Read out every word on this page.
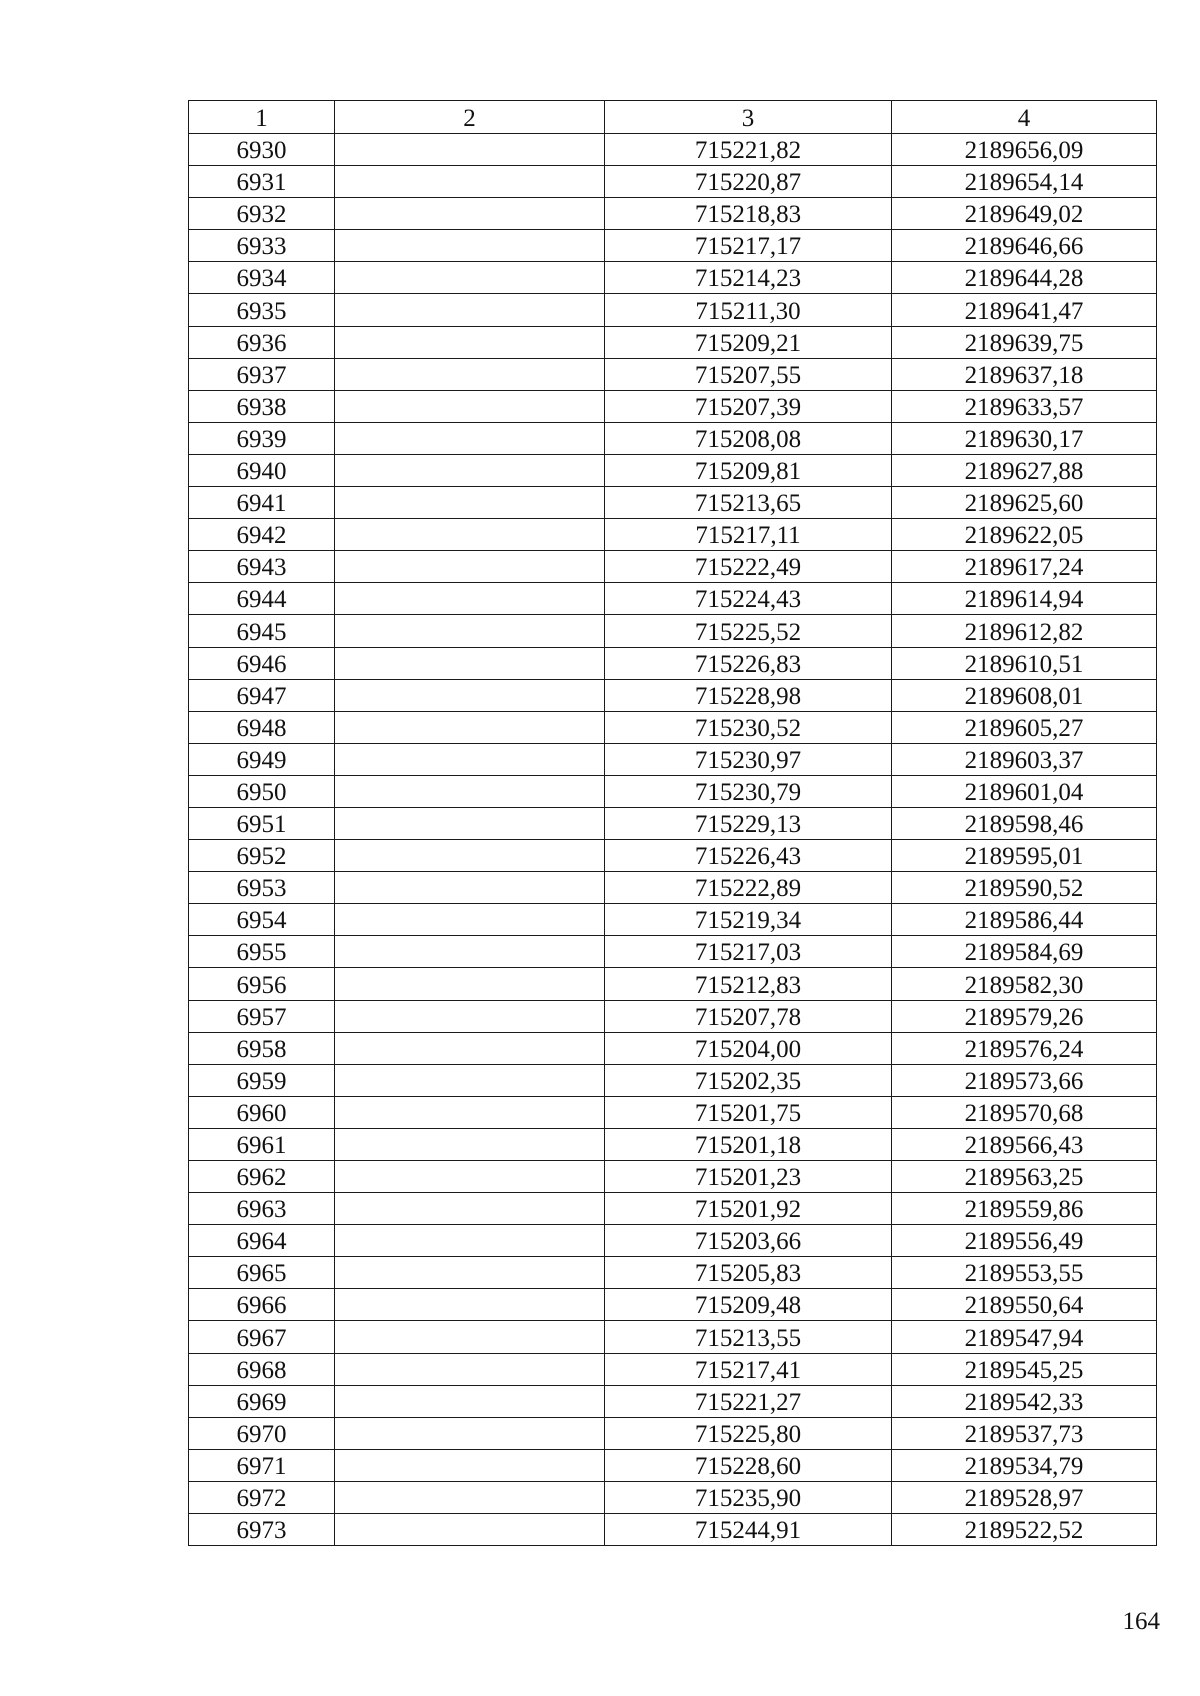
1	2	3	4
6930		715221,82	2189656,09
6931		715220,87	2189654,14
6932		715218,83	2189649,02
6933		715217,17	2189646,66
6934		715214,23	2189644,28
6935		715211,30	2189641,47
6936		715209,21	2189639,75
6937		715207,55	2189637,18
6938		715207,39	2189633,57
6939		715208,08	2189630,17
6940		715209,81	2189627,88
6941		715213,65	2189625,60
6942		715217,11	2189622,05
6943		715222,49	2189617,24
6944		715224,43	2189614,94
6945		715225,52	2189612,82
6946		715226,83	2189610,51
6947		715228,98	2189608,01
6948		715230,52	2189605,27
6949		715230,97	2189603,37
6950		715230,79	2189601,04
6951		715229,13	2189598,46
6952		715226,43	2189595,01
6953		715222,89	2189590,52
6954		715219,34	2189586,44
6955		715217,03	2189584,69
6956		715212,83	2189582,30
6957		715207,78	2189579,26
6958		715204,00	2189576,24
6959		715202,35	2189573,66
6960		715201,75	2189570,68
6961		715201,18	2189566,43
6962		715201,23	2189563,25
6963		715201,92	2189559,86
6964		715203,66	2189556,49
6965		715205,83	2189553,55
6966		715209,48	2189550,64
6967		715213,55	2189547,94
6968		715217,41	2189545,25
6969		715221,27	2189542,33
6970		715225,80	2189537,73
6971		715228,60	2189534,79
6972		715235,90	2189528,97
6973		715244,91	2189522,52
164
